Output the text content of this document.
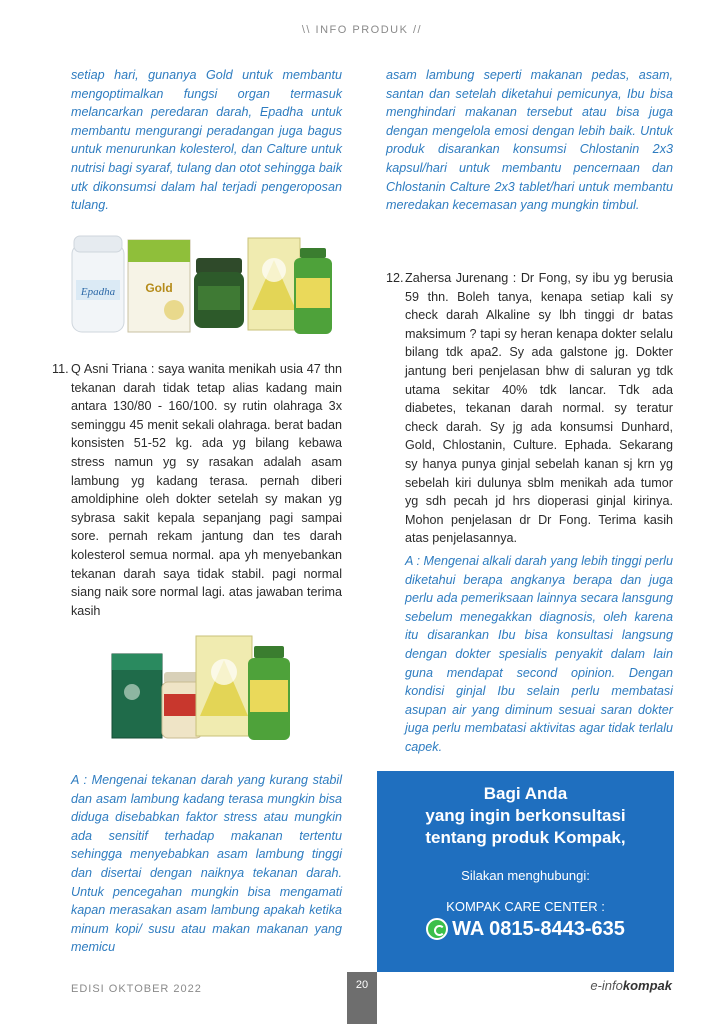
\\ INFO PRODUK //

setiap hari, gunanya Gold untuk membantu mengoptimalkan fungsi organ termasuk melancarkan peredaran darah, Epadha untuk membantu mengurangi peradangan juga bagus untuk menurunkan kolesterol, dan Calture untuk nutrisi bagi syaraf, tulang dan otot sehingga baik utk dikonsumsi dalam hal terjadi pengeroposan tulang.

Epadha	Gold
11. Q Asni Triana : saya wanita menikah usia 47 thn tekanan darah tidak tetap alias kadang main antara 130/80 - 160/100. sy rutin olahraga 3x seminggu 45 menit sekali olahraga. berat badan konsisten 51-52 kg. ada yg bilang kebawa stress namun yg sy rasakan adalah asam lambung yg kadang terasa. pernah diberi amoldiphine oleh dokter setelah sy makan yg sybrasa sakit kepala sepanjang pagi sampai sore. pernah rekam jantung dan tes darah kolesterol semua normal. apa yh menyebankan tekanan darah saya tidak stabil. pagi normal siang naik sore normal lagi. atas jawaban terima kasih

A : Mengenai tekanan darah yang kurang stabil dan asam lambung kadang terasa mungkin bisa diduga disebabkan faktor stress atau mungkin ada sensitif terhadap makanan tertentu sehingga menyebabkan asam lambung tinggi dan disertai dengan naiknya tekanan darah. Untuk pencegahan mungkin bisa mengamati kapan merasakan asam lambung apakah ketika minum kopi/ susu atau makan makanan yang memicu

asam lambung seperti makanan pedas, asam, santan dan setelah diketahui pemicunya, Ibu bisa menghindari makanan tersebut atau bisa juga dengan mengelola emosi dengan lebih baik. Untuk produk disarankan konsumsi Chlostanin 2x3 kapsul/hari untuk membantu pencernaan dan Chlostanin Calture 2x3 tablet/hari untuk membantu meredakan kecemasan yang mungkin timbul.

12. Zahersa Jurenang : Dr Fong, sy ibu yg berusia 59 thn. Boleh tanya, kenapa setiap kali sy check darah Alkaline sy lbh tinggi dr batas maksimum ? tapi sy heran kenapa dokter selalu bilang tdk apa2. Sy ada galstone jg. Dokter jantung beri penjelasan bhw di saluran yg tdk utama sekitar 40% tdk lancar. Tdk ada diabetes, tekanan darah normal. sy teratur check darah. Sy jg ada konsumsi Dunhard, Gold, Chlostanin, Culture. Ephada. Sekarang sy hanya punya ginjal sebelah kanan sj krn yg sebelah kiri dulunya sblm menikah ada tumor yg sdh pecah jd hrs dioperasi ginjal kirinya. Mohon penjelasan dr Dr Fong. Terima kasih atas penjelasannya.

A : Mengenai alkali darah yang lebih tinggi perlu diketahui berapa angkanya berapa dan juga perlu ada pemeriksaan lainnya secara lansgung sebelum menegakkan diagnosis, oleh karena itu disarankan Ibu bisa konsultasi langsung dengan dokter spesialis penyakit dalam lain guna mendapat second opinion. Dengan kondisi ginjal Ibu selain perlu membatasi asupan air yang diminum sesuai saran dokter juga perlu membatasi aktivitas agar tidak terlalu capek.

Bagi Anda
yang ingin berkonsultasi
tentang produk Kompak,
Silakan menghubungi:
KOMPAK CARE CENTER :
WA 0815-8443-635
EDISI OKTOBER 2022	20	e-infokompak
